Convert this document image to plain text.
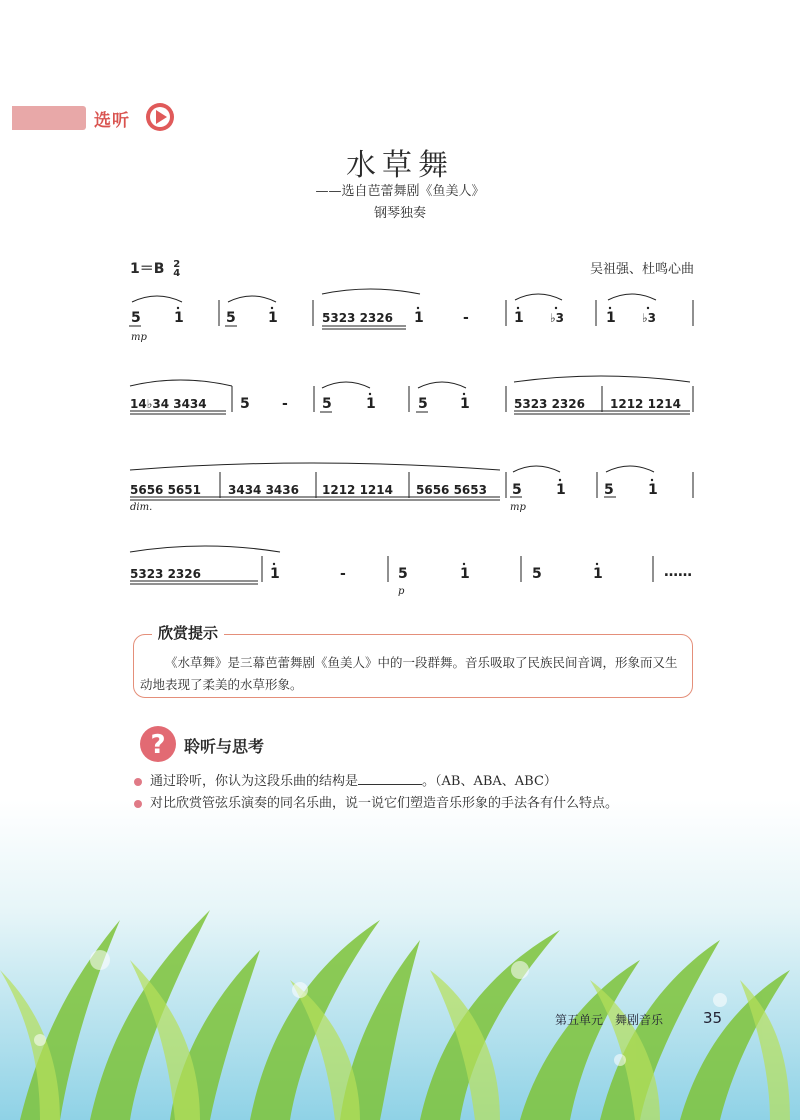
选听
水草舞
——选自芭蕾舞剧《鱼美人》
钢琴独奏
1＝B 2
4	吴祖强、杜鸣心曲
5 1	5 1	5323 2326 1	-	1 ♭3	1 ♭3
mp
14♭34 3434 5 - 5 1	5 1	5323 2326 1212 1214
5656 5651 3434 3436 1212 1214 5656 5653 5 1	5 1
dim.	mp
5323 2326	1	-	5	1	5	1	……
p
欣赏提示
《水草舞》是三幕芭蕾舞剧《鱼美人》中的一段群舞。音乐吸取了民族民间音调，形象而又生动地表现了柔美的水草形象。
? 聆听与思考
通过聆听，你认为这段乐曲的结构是	。（AB、ABA、ABC）
对比欣赏管弦乐演奏的同名乐曲，说一说它们塑造音乐形象的手法各有什么特点。
第五单元　舞剧音乐	35
